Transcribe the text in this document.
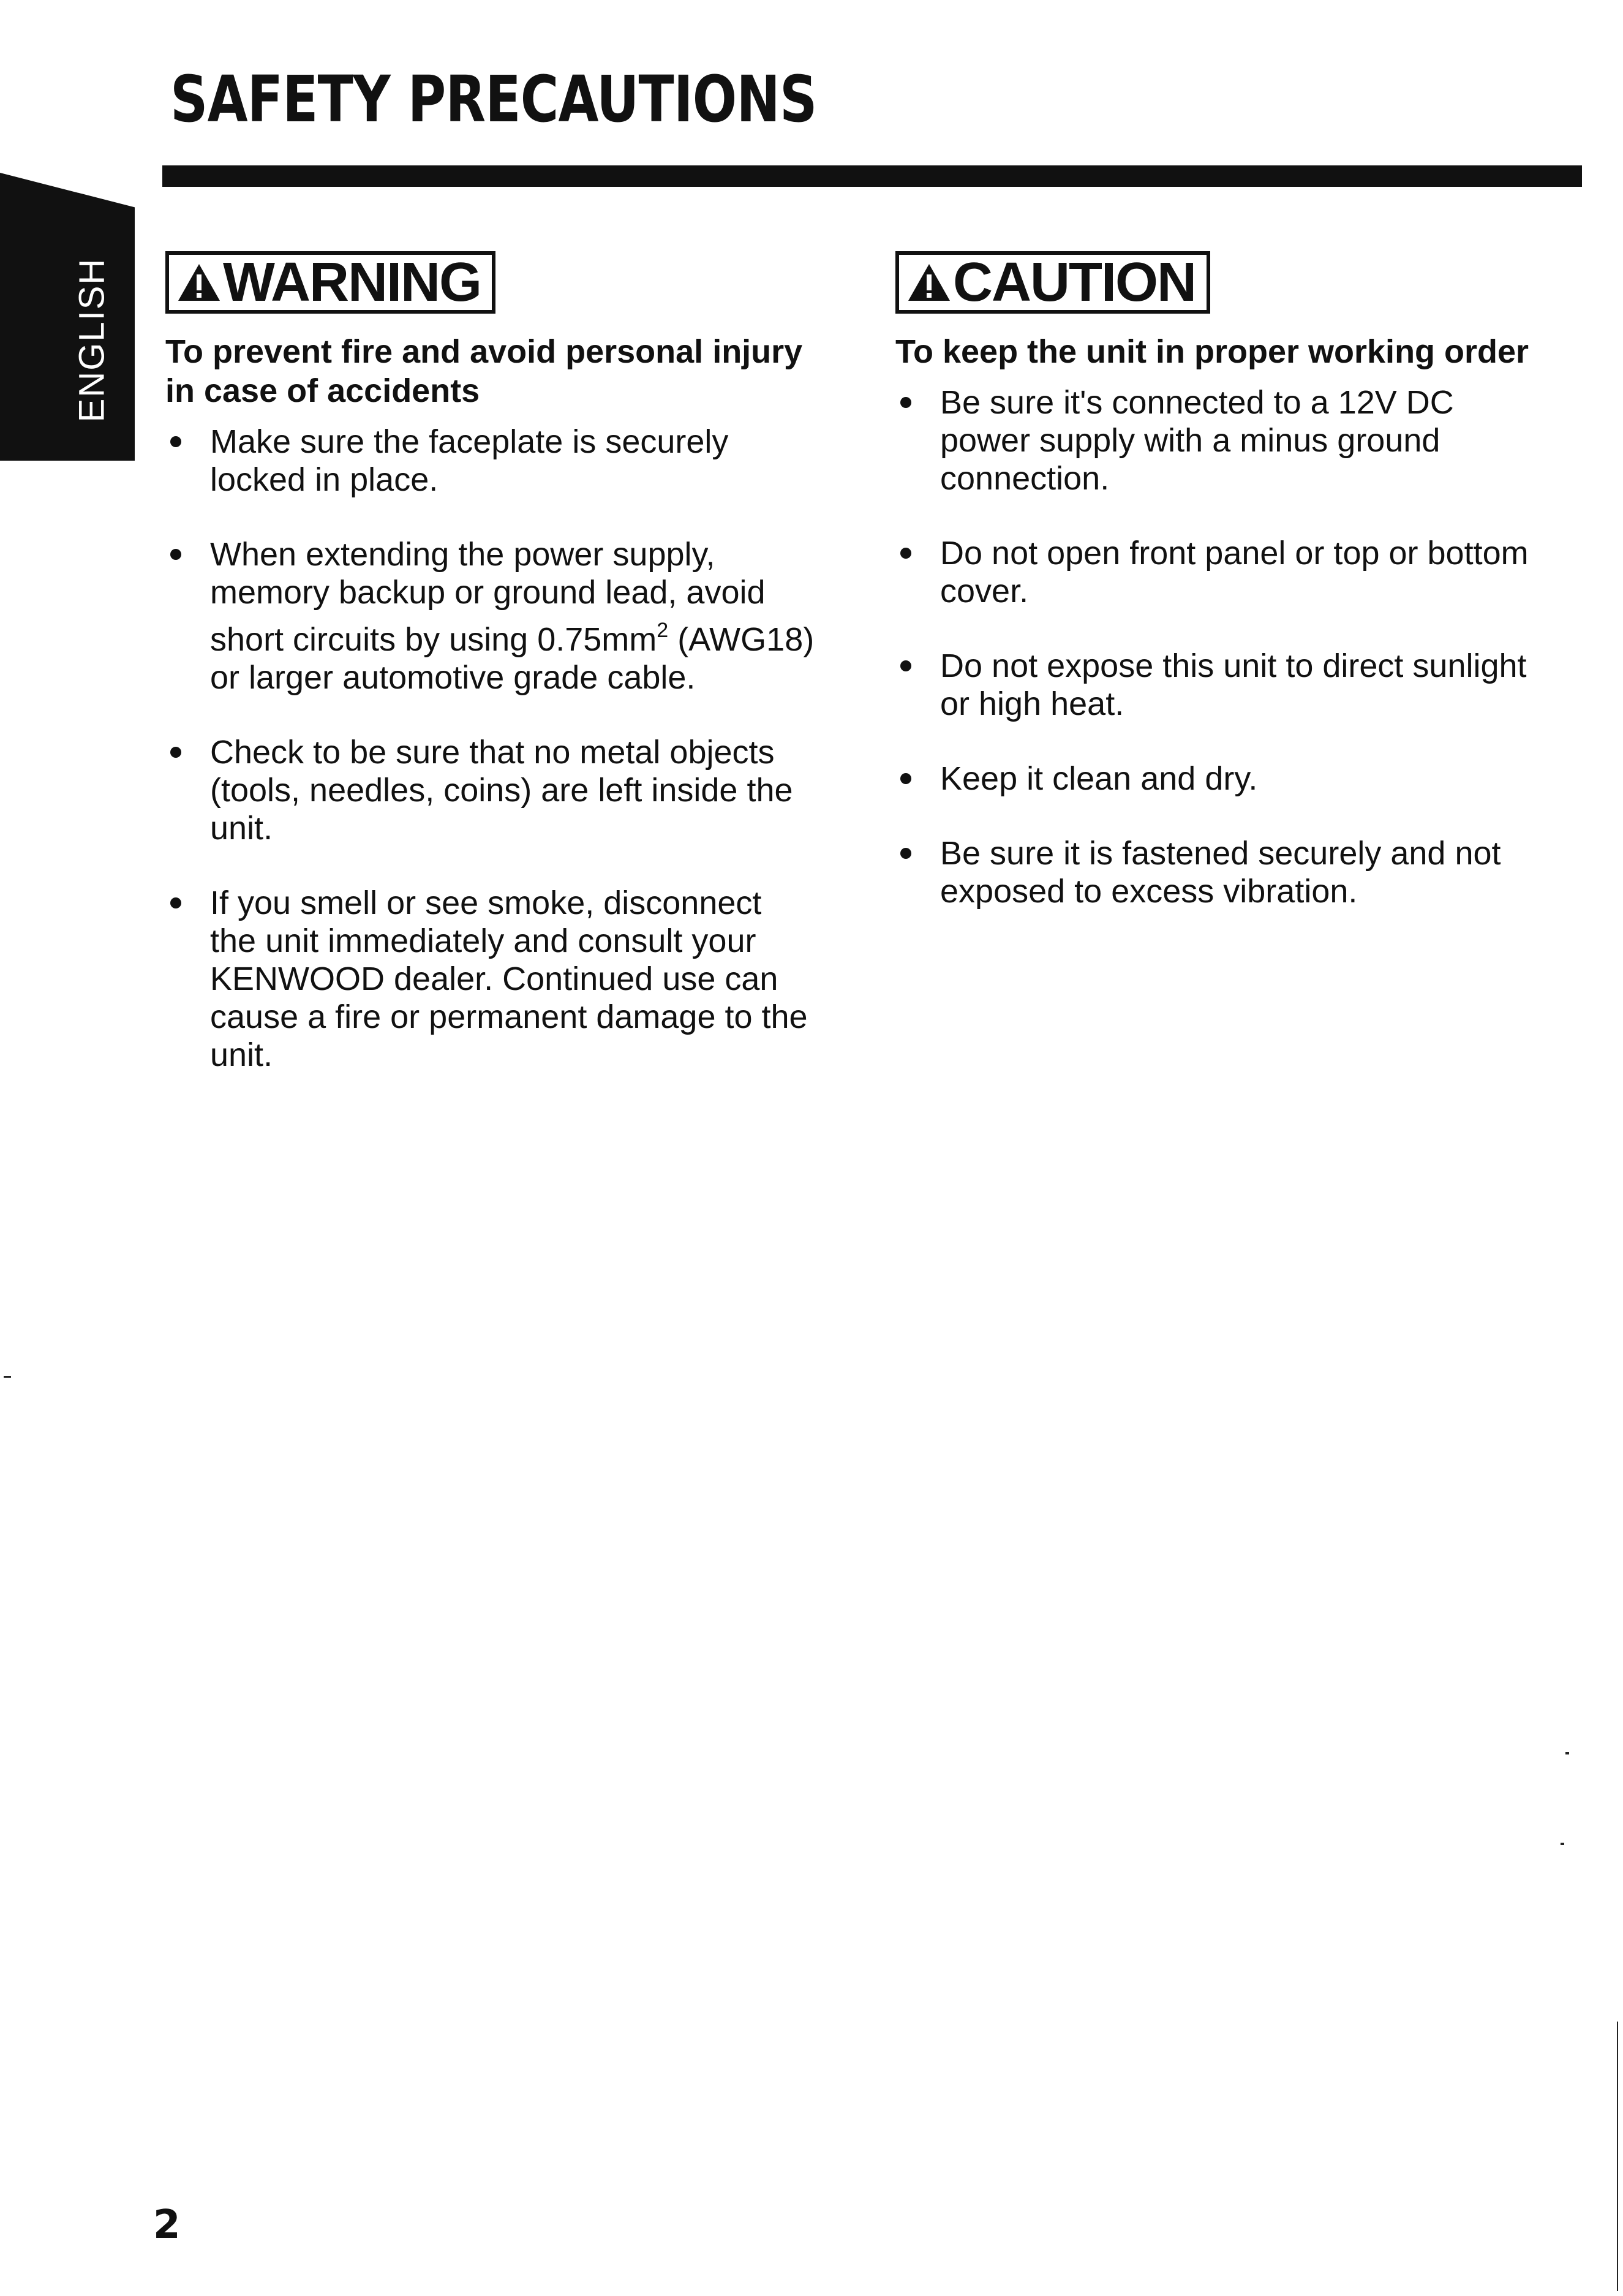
SAFETY PRECAUTIONS
ENGLISH WARNING
To prevent fire and avoid personal injury in case of accidents
Make sure the faceplate is securely locked in place.
When extending the power supply, memory backup or ground lead, avoid short circuits by using $0.75mm^2$ (AWG18) or larger automotive grade cable.
Check to be sure that no metal objects (tools, needles, coins) are left inside the unit.
If you smell or see smoke, disconnect the unit immediately and consult your KENWOOD dealer. Continued use can cause a fire or permanent damage to the unit.
CAUTION
To keep the unit in proper working order
Be sure it's connected to a 12V DC power supply with a minus ground connection.
Do not open front panel or top or bottom cover.
Do not expose this unit to direct sunlight or high heat.
Keep it clean and dry.
Be sure it is fastened securely and not exposed to excess vibration.

2
